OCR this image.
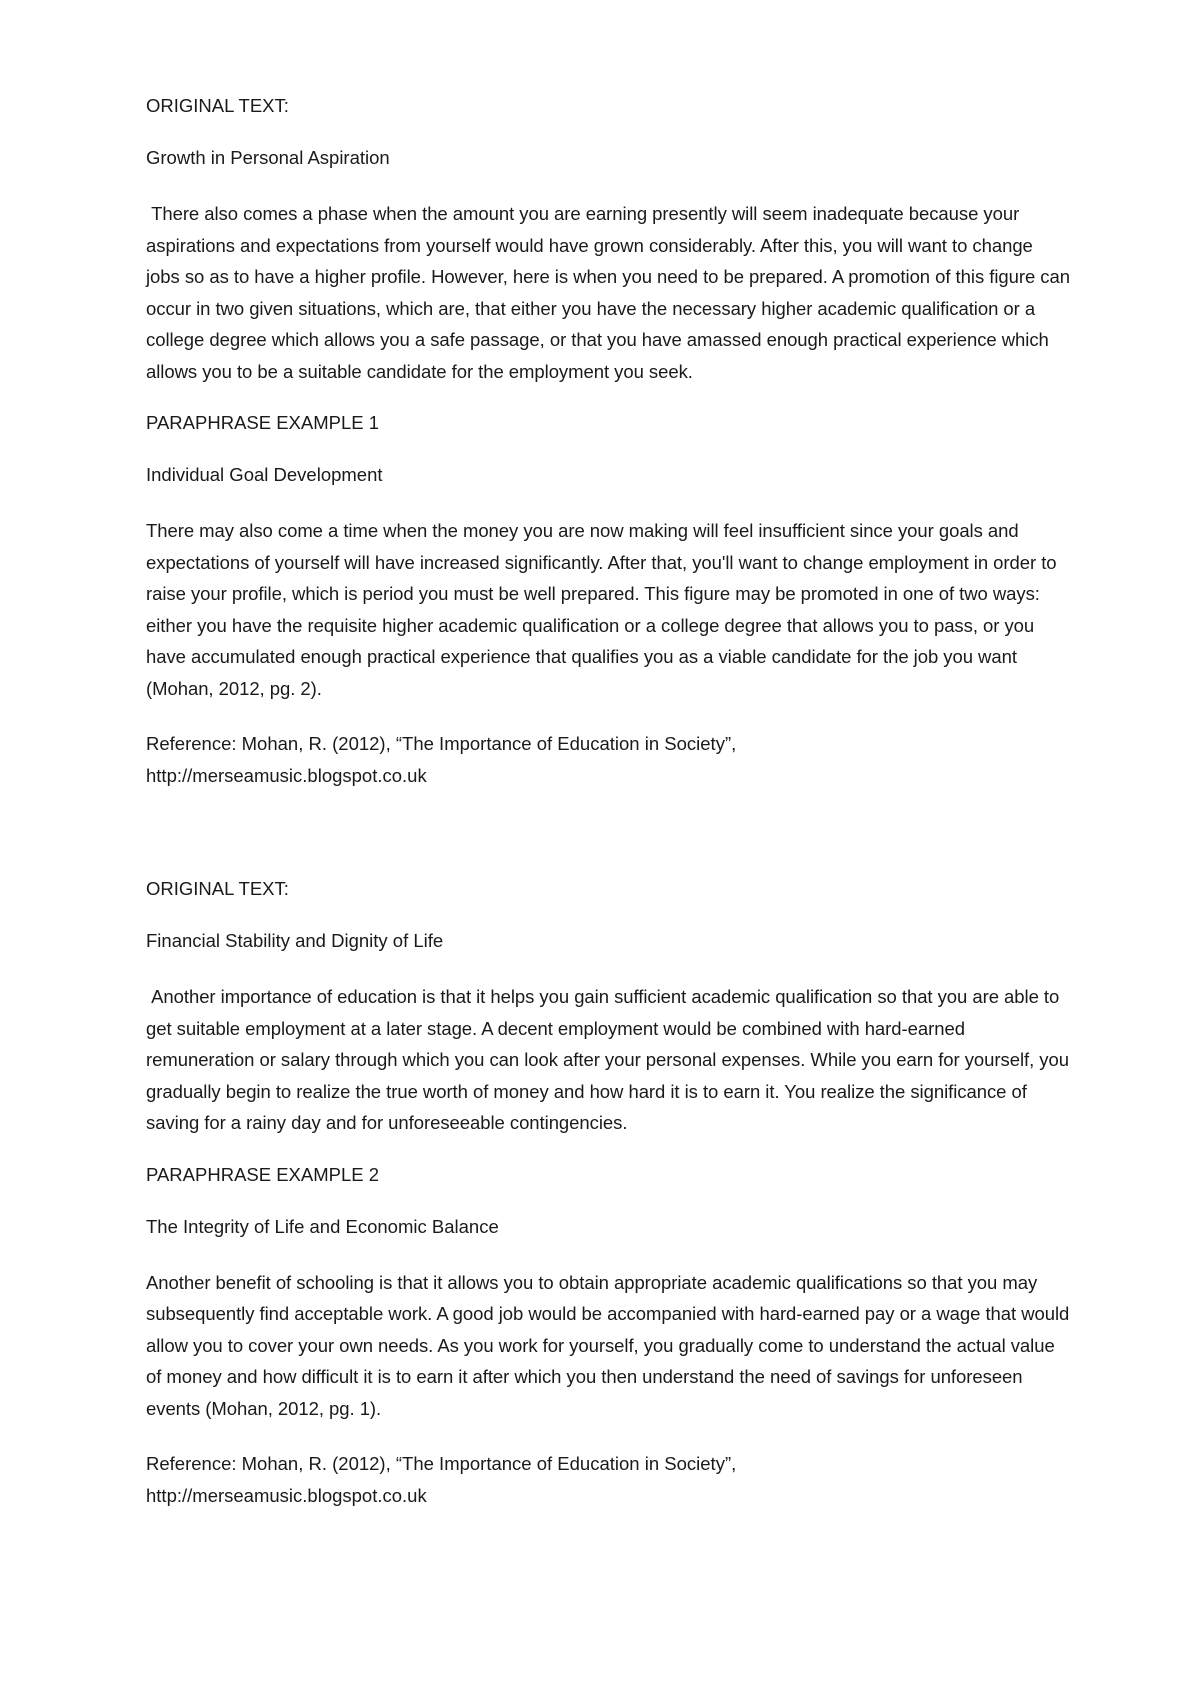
ORIGINAL TEXT:

Growth in Personal Aspiration

There also comes a phase when the amount you are earning presently will seem inadequate because your aspirations and expectations from yourself would have grown considerably. After this, you will want to change jobs so as to have a higher profile. However, here is when you need to be prepared. A promotion of this figure can occur in two given situations, which are, that either you have the necessary higher academic qualification or a college degree which allows you a safe passage, or that you have amassed enough practical experience which allows you to be a suitable candidate for the employment you seek.

PARAPHRASE EXAMPLE 1

Individual Goal Development

There may also come a time when the money you are now making will feel insufficient since your goals and expectations of yourself will have increased significantly. After that, you'll want to change employment in order to raise your profile, which is period you must be well prepared. This figure may be promoted in one of two ways: either you have the requisite higher academic qualification or a college degree that allows you to pass, or you have accumulated enough practical experience that qualifies you as a viable candidate for the job you want (Mohan, 2012, pg. 2).

Reference: Mohan, R. (2012), “The Importance of Education in Society”,
http://merseamusic.blogspot.co.uk

ORIGINAL TEXT:

Financial Stability and Dignity of Life

Another importance of education is that it helps you gain sufficient academic qualification so that you are able to get suitable employment at a later stage. A decent employment would be combined with hard-earned remuneration or salary through which you can look after your personal expenses. While you earn for yourself, you gradually begin to realize the true worth of money and how hard it is to earn it. You realize the significance of saving for a rainy day and for unforeseeable contingencies.

PARAPHRASE EXAMPLE 2

The Integrity of Life and Economic Balance

Another benefit of schooling is that it allows you to obtain appropriate academic qualifications so that you may subsequently find acceptable work. A good job would be accompanied with hard-earned pay or a wage that would allow you to cover your own needs. As you work for yourself, you gradually come to understand the actual value of money and how difficult it is to earn it after which you then understand the need of savings for unforeseen events (Mohan, 2012, pg. 1).

Reference: Mohan, R. (2012), “The Importance of Education in Society”,
http://merseamusic.blogspot.co.uk
